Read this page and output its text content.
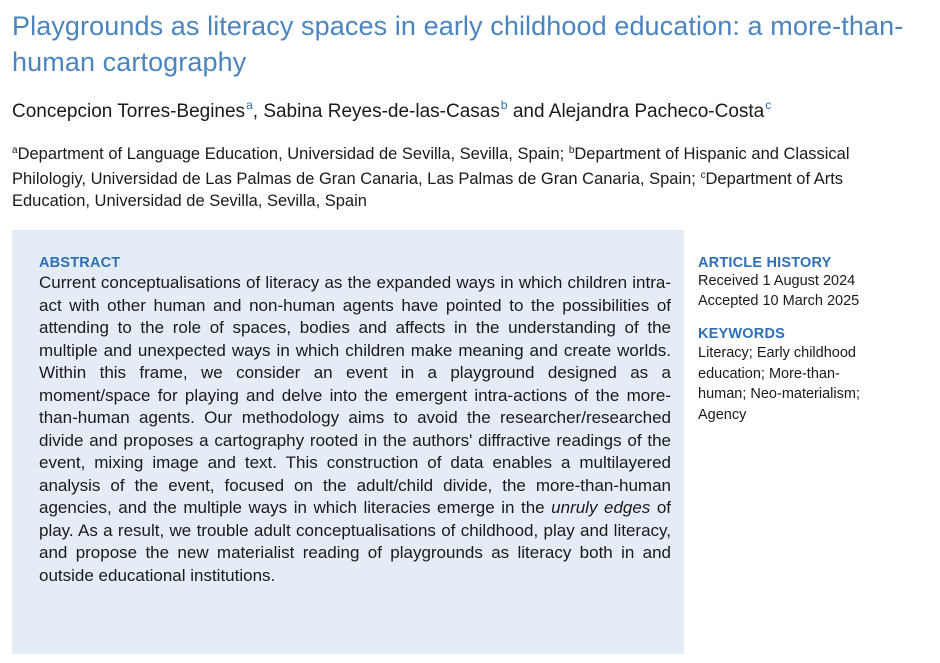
Playgrounds as literacy spaces in early childhood education: a more-than-human cartography
Concepcion Torres-Begines$^a$, Sabina Reyes-de-las-Casas$^b$ and Alejandra Pacheco-Costa$^c$
$^a$Department of Language Education, Universidad de Sevilla, Sevilla, Spain; $^b$Department of Hispanic and Classical Philologiy, Universidad de Las Palmas de Gran Canaria, Las Palmas de Gran Canaria, Spain; $^c$Department of Arts Education, Universidad de Sevilla, Sevilla, Spain

ABSTRACT

Current conceptualisations of literacy as the expanded ways in which children intra-act with other human and non-human agents have pointed to the possibilities of attending to the role of spaces, bodies and affects in the understanding of the multiple and unexpected ways in which children make meaning and create worlds. Within this frame, we consider an event in a playground designed as a moment/space for playing and delve into the emergent intra-actions of the more-than-human agents. Our methodology aims to avoid the researcher/researched divide and proposes a cartography rooted in the authors' diffractive readings of the event, mixing image and text. This construction of data enables a multilayered analysis of the event, focused on the adult/child divide, the more-than-human agencies, and the multiple ways in which literacies emerge in the unruly edges of play. As a result, we trouble adult conceptualisations of childhood, play and literacy, and propose the new materialist reading of playgrounds as literacy both in and outside educational institutions.

ARTICLE HISTORY

Received 1 August 2024
Accepted 10 March 2025

KEYWORDS

Literacy; Early childhood education; More-than-human; Neo-materialism; Agency
